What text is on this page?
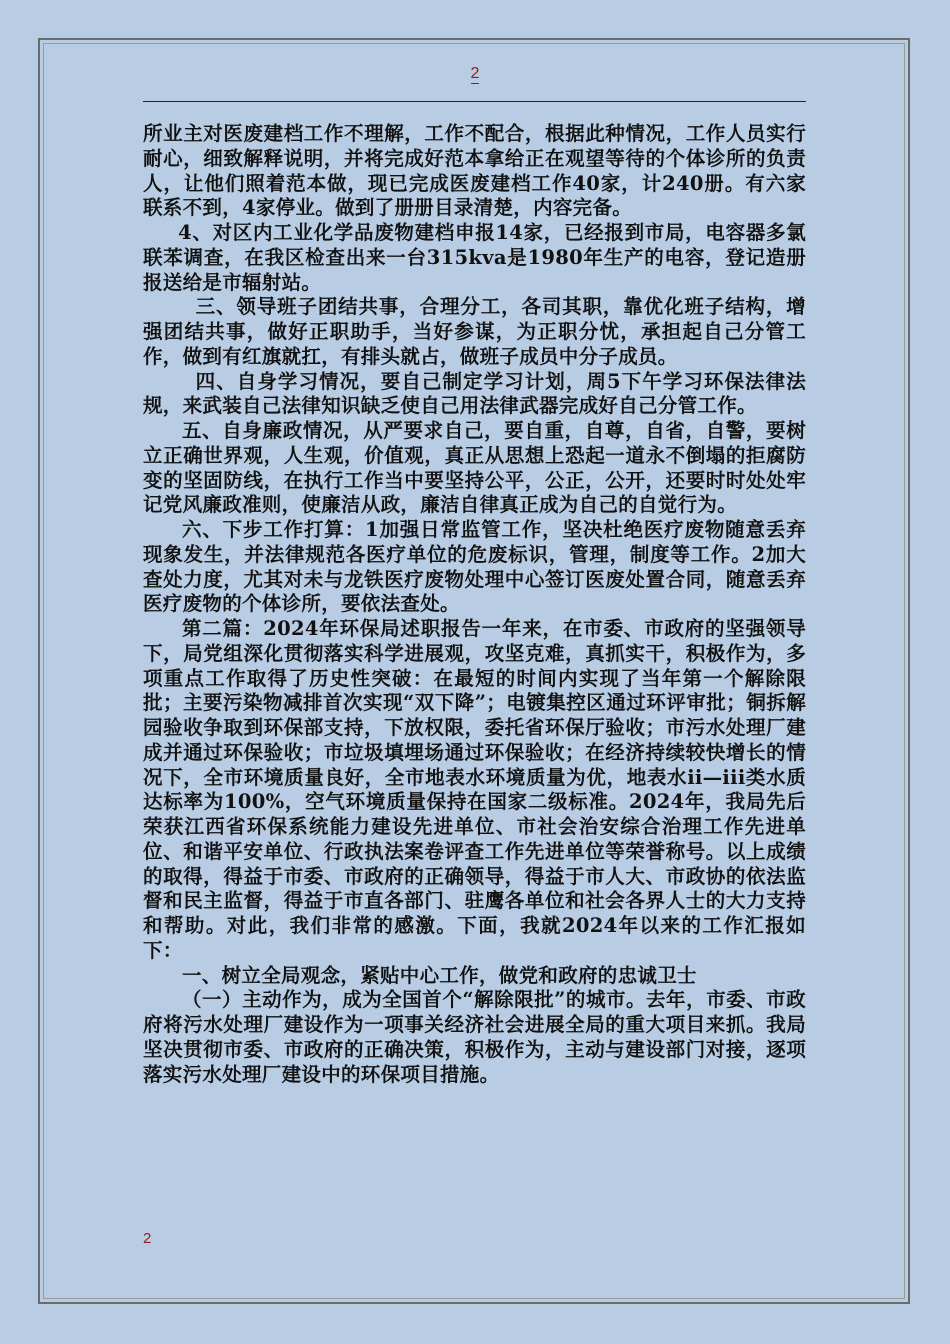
2

所业主对医废建档工作不理解，工作不配合，根据此种情况，工作人员实行耐心，细致解释说明，并将完成好范本拿给正在观望等待的个体诊所的负责人，让他们照着范本做，现已完成医废建档工作40家，计240册。有六家联系不到，4家停业。做到了册册目录清楚，内容完备。

4、对区内工业化学品废物建档申报14家，已经报到市局，电容器多氯联苯调查，在我区检查出来一台315kva是1980年生产的电容，登记造册报送给是市辐射站。

三、领导班子团结共事，合理分工，各司其职，靠优化班子结构，增强团结共事，做好正职助手，当好参谋，为正职分忧，承担起自己分管工作，做到有红旗就扛，有排头就占，做班子成员中分子成员。

四、自身学习情况，要自己制定学习计划，周5下午学习环保法律法规，来武装自己法律知识缺乏使自己用法律武器完成好自己分管工作。

五、自身廉政情况，从严要求自己，要自重，自尊，自省，自警，要树立正确世界观，人生观，价值观，真正从思想上恐起一道永不倒塌的拒腐防变的坚固防线，在执行工作当中要坚持公平，公正，公开，还要时时处处牢记党风廉政准则，使廉洁从政，廉洁自律真正成为自己的自觉行为。

六、下步工作打算：1加强日常监管工作，坚决杜绝医疗废物随意丢弃现象发生，并法律规范各医疗单位的危废标识，管理，制度等工作。2加大查处力度，尤其对未与龙铁医疗废物处理中心签订医废处置合同，随意丢弃医疗废物的个体诊所，要依法查处。

第二篇：2024年环保局述职报告一年来，在市委、市政府的坚强领导下，局党组深化贯彻落实科学进展观，攻坚克难，真抓实干，积极作为，多项重点工作取得了历史性突破：在最短的时间内实现了当年第一个解除限批；主要污染物减排首次实现“双下降”；电镀集控区通过环评审批；铜拆解园验收争取到环保部支持，下放权限，委托省环保厅验收；市污水处理厂建成并通过环保验收；市垃圾填埋场通过环保验收；在经济持续较快增长的情况下，全市环境质量良好，全市地表水环境质量为优，地表水ii—iii类水质达标率为100%，空气环境质量保持在国家二级标准。2024年，我局先后荣获江西省环保系统能力建设先进单位、市社会治安综合治理工作先进单位、和谐平安单位、行政执法案卷评查工作先进单位等荣誉称号。以上成绩的取得，得益于市委、市政府的正确领导，得益于市人大、市政协的依法监督和民主监督，得益于市直各部门、驻鹰各单位和社会各界人士的大力支持和帮助。对此，我们非常的感激。下面，我就2024年以来的工作汇报如下：

一、树立全局观念，紧贴中心工作，做党和政府的忠诚卫士

（一）主动作为，成为全国首个“解除限批”的城市。去年，市委、市政府将污水处理厂建设作为一项事关经济社会进展全局的重大项目来抓。我局坚决贯彻市委、市政府的正确决策，积极作为，主动与建设部门对接，逐项落实污水处理厂建设中的环保项目措施。

2
